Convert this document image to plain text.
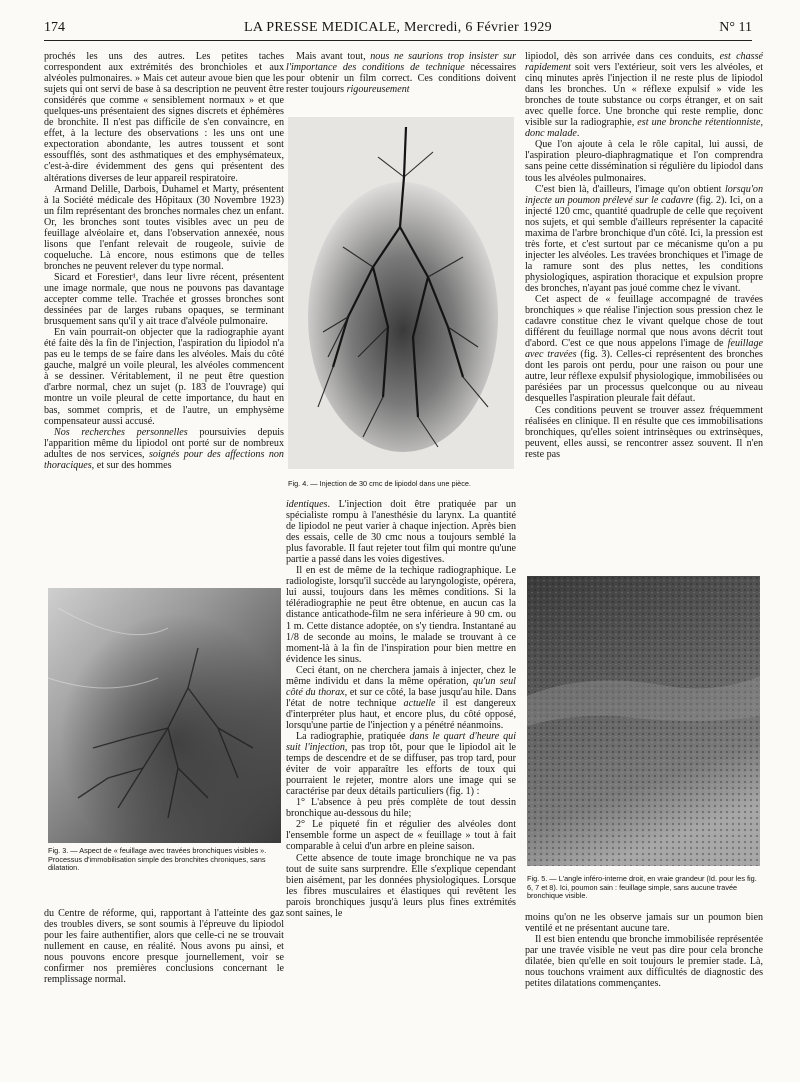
174	LA PRESSE MEDICALE, Mercredi, 6 Février 1929	N° 11

prochés les uns des autres. Les petites taches correspondent aux extrémités des bronchioles et aux alvéoles pulmonaires. » Mais cet auteur avoue bien que les sujets qui ont servi de base à sa description ne peuvent être considérés que comme « sensiblement normaux » et que quelques-uns présentaient des signes discrets et éphémères de bronchite. Il n'est pas difficile de s'en convaincre, en effet, à la lecture des observations : les uns ont une expectoration abondante, les autres toussent et sont essoufflés, sont des asthmatiques et des emphysémateux, c'est-à-dire évidemment des gens qui présentent des altérations diverses de leur appareil respiratoire.

Armand Delille, Darbois, Duhamel et Marty, présentent à la Société médicale des Hôpitaux (30 Novembre 1923) un film représentant des bronches normales chez un enfant. Or, les bronches sont toutes visibles avec un peu de feuillage alvéolaire et, dans l'observation annexée, nous lisons que l'enfant relevait de rougeole, suivie de coqueluche. Là encore, nous estimons que de telles bronches ne peuvent relever du type normal.

Sicard et Forestier¹, dans leur livre récent, présentent une image normale, que nous ne pouvons pas davantage accepter comme telle. Trachée et grosses bronches sont dessinées par de larges rubans opaques, se terminant brusquement sans qu'il y ait trace d'alvéole pulmonaire.

En vain pourrait-on objecter que la radiographie ayant été faite dès la fin de l'injection, l'aspiration du lipiodol n'a pas eu le temps de se faire dans les alvéoles. Mais du côté gauche, malgré un voile pleural, les alvéoles commencent à se dessiner. Véritablement, il ne peut être question d'arbre normal, chez un sujet (p. 183 de l'ouvrage) qui montre un voile pleural de cette importance, du haut en bas, sommet compris, et de l'autre, un emphysème compensateur aussi accusé.

Nos recherches personnelles poursuivies depuis l'apparition même du lipiodol ont porté sur de nombreux adultes de nos services, soignés pour des affections non thoraciques, et sur des hommes

Fig. 3. — Aspect de « feuillage avec travées bronchiques visibles ». Processus d'immobilisation simple des bronchites chroniques, sans dilatation.

du Centre de réforme, qui, rapportant à l'atteinte des gaz des troubles divers, se sont soumis à l'épreuve du lipiodol pour les faire authentifier, alors que celle-ci ne se trouvait nullement en cause, en réalité. Nous avons pu ainsi, et nous pouvons encore presque journellement, voir se confirmer nos premières conclusions concernant le remplissage normal.

Mais avant tout, nous ne saurions trop insister sur l'importance des conditions de technique nécessaires pour obtenir un film correct. Ces conditions doivent rester toujours rigoureusement

Fig. 4. — Injection de 30 cmc de lipiodol dans une pièce.

identiques. L'injection doit être pratiquée par un spécialiste rompu à l'anesthésie du larynx. La quantité de lipiodol ne peut varier à chaque injection. Après bien des essais, celle de 30 cmc nous a toujours semblé la plus favorable. Il faut rejeter tout film qui montre qu'une partie a passé dans les voies digestives.

Il en est de même de la techique radiographique. Le radiologiste, lorsqu'il succède au laryngologiste, opérera, lui aussi, toujours dans les mêmes conditions. Si la téléradiographie ne peut être obtenue, en aucun cas la distance anticathode-film ne sera inférieure à 90 cm. ou 1 m. Cette distance adoptée, on s'y tiendra. Instantané au 1/8 de seconde au moins, le malade se trouvant à ce moment-là à la fin de l'inspiration pour bien mettre en évidence les sinus.

Ceci étant, on ne cherchera jamais à injecter, chez le même individu et dans la même opération, qu'un seul côté du thorax, et sur ce côté, la base jusqu'au hile. Dans l'état de notre technique actuelle il est dangereux d'interpréter plus haut, et encore plus, du côté opposé, lorsqu'une partie de l'injection y a pénétré néanmoins.

La radiographie, pratiquée dans le quart d'heure qui suit l'injection, pas trop tôt, pour que le lipiodol ait le temps de descendre et de se diffuser, pas trop tard, pour éviter de voir apparaître les efforts de toux qui pourraient le rejeter, montre alors une image qui se caractérise par deux détails particuliers (fig. 1) :

1° L'absence à peu près complète de tout dessin bronchique au-dessous du hile;

2° Le piqueté fin et régulier des alvéoles dont l'ensemble forme un aspect de « feuillage » tout à fait comparable à celui d'un arbre en pleine saison.

Cette absence de toute image bronchique ne va pas tout de suite sans surprendre. Elle s'explique cependant bien aisément, par les données physiologiques. Lorsque les fibres musculaires et élastiques qui revêtent les parois bronchiques jusqu'à leurs plus fines extrémités sont saines, le

lipiodol, dès son arrivée dans ces conduits, est chassé rapidement soit vers l'extérieur, soit vers les alvéoles, et cinq minutes après l'injection il ne reste plus de lipiodol dans les bronches. Un « réflexe expulsif » vide les bronches de toute substance ou corps étranger, et on sait avec quelle force. Une bronche qui reste remplie, donc visible sur la radiographie, est une bronche rétentionniste, donc malade.

Que l'on ajoute à cela le rôle capital, lui aussi, de l'aspiration pleuro-diaphragmatique et l'on comprendra sans peine cette dissémination si régulière du lipiodol dans tous les alvéoles pulmonaires.

C'est bien là, d'ailleurs, l'image qu'on obtient lorsqu'on injecte un poumon prélevé sur le cadavre (fig. 2). Ici, on a injecté 120 cmc, quantité quadruple de celle que reçoivent nos sujets, et qui semble d'ailleurs représenter la capacité maxima de l'arbre bronchique d'un côté. Ici, la pression est très forte, et c'est surtout par ce mécanisme qu'on a pu injecter les alvéoles. Les travées bronchiques et l'image de la ramure sont des plus nettes, les conditions physiologiques, aspiration thoracique et expulsion propre des bronches, n'ayant pas joué comme chez le vivant.

Cet aspect de « feuillage accompagné de travées bronchiques » que réalise l'injection sous pression chez le cadavre constitue chez le vivant quelque chose de tout différent du feuillage normal que nous avons décrit tout d'abord. C'est ce que nous appelons l'image de feuillage avec travées (fig. 3). Celles-ci représentent des bronches dont les parois ont perdu, pour une raison ou pour une autre, leur réflexe expulsif physiologique, immobilisées ou parésiées par un processus quelconque ou au niveau desquelles l'aspiration pleurale fait défaut.

Ces conditions peuvent se trouver assez fréquemment réalisées en clinique. Il en résulte que ces immobilisations bronchiques, qu'elles soient intrinsèques ou extrinsèques, peuvent, elles aussi, se rencontrer assez souvent. Il n'en reste pas

Fig. 5. — L'angle inféro-interne droit, en vraie grandeur (Id. pour les fig. 6, 7 et 8). Ici, poumon sain : feuillage simple, sans aucune travée bronchique visible.

moins qu'on ne les observe jamais sur un poumon bien ventilé et ne présentant aucune tare.

Il est bien entendu que bronche immobilisée représentée par une travée visible ne veut pas dire pour cela bronche dilatée, bien qu'elle en soit toujours le premier stade. Là, nous touchons vraiment aux difficultés de diagnostic des petites dilatations commençantes.
